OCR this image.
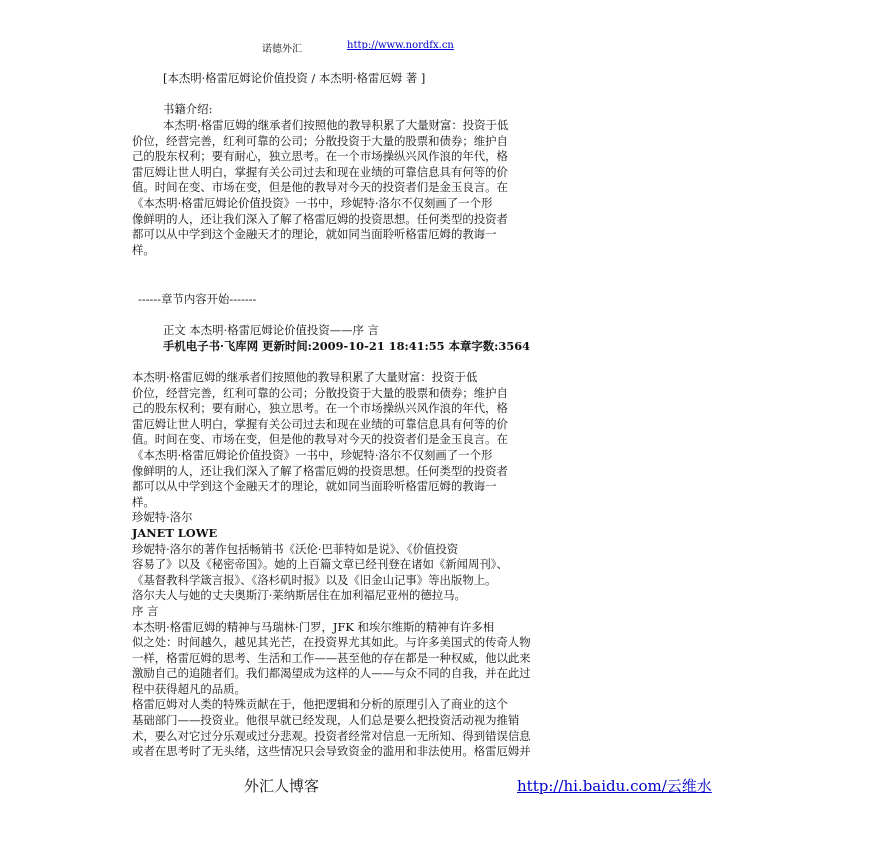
诺德外汇	http://www.nordfx.cn
[本杰明·格雷厄姆论价值投资 / 本杰明·格雷厄姆 著 ]
书籍介绍:
本杰明·格雷厄姆的继承者们按照他的教导积累了大量财富：投资于低
价位，经营完善，红利可靠的公司；分散投资于大量的股票和债券；维护自
己的股东权利；要有耐心，独立思考。在一个市场操纵兴风作浪的年代，格
雷厄姆让世人明白，掌握有关公司过去和现在业绩的可靠信息具有何等的价
值。时间在变、市场在变，但是他的教导对今天的投资者们是金玉良言。在
《本杰明·格雷厄姆论价值投资》一书中，珍妮特·洛尔不仅刻画了一个形
像鲜明的人，还让我们深入了解了格雷厄姆的投资思想。任何类型的投资者
都可以从中学到这个金融天才的理论，就如同当面聆听格雷厄姆的教诲一
样。
------章节内容开始-------
正文 本杰明·格雷厄姆论价值投资——序 言
手机电子书·飞库网 更新时间:2009-10-21 18:41:55 本章字数:3564
本杰明·格雷厄姆的继承者们按照他的教导积累了大量财富：投资于低
价位，经营完善，红利可靠的公司；分散投资于大量的股票和债券；维护自
己的股东权利；要有耐心，独立思考。在一个市场操纵兴风作浪的年代，格
雷厄姆让世人明白，掌握有关公司过去和现在业绩的可靠信息具有何等的价
值。时间在变、市场在变，但是他的教导对今天的投资者们是金玉良言。在
《本杰明·格雷厄姆论价值投资》一书中，珍妮特·洛尔不仅刻画了一个形
像鲜明的人，还让我们深入了解了格雷厄姆的投资思想。任何类型的投资者
都可以从中学到这个金融天才的理论，就如同当面聆听格雷厄姆的教诲一
样。
珍妮特·洛尔
JANET LOWE
珍妮特·洛尔的著作包括畅销书《沃伦·巴菲特如是说》、《价值投资
容易了》以及《秘密帝国》。她的上百篇文章已经刊登在诸如《新闻周刊》、
《基督教科学箴言报》、《洛杉矶时报》以及《旧金山记事》等出版物上。
洛尔夫人与她的丈夫奥斯汀·莱纳斯居住在加利福尼亚州的德拉马。
序 言
本杰明·格雷厄姆的精神与马瑞林·门罗，JFK 和埃尔维斯的精神有许多相
似之处：时间越久，越见其光芒，在投资界尤其如此。与许多美国式的传奇人物
一样，格雷厄姆的思考、生活和工作——甚至他的存在都是一种权威，他以此来
激励自己的追随者们。我们都渴望成为这样的人——与众不同的自我，并在此过
程中获得超凡的品质。
格雷厄姆对人类的特殊贡献在于，他把逻辑和分析的原理引入了商业的这个
基础部门——投资业。他很早就已经发现，人们总是要么把投资活动视为推销
术，要么对它过分乐观或过分悲观。投资者经常对信息一无所知、得到错误信息
或者在思考时了无头绪，这些情况只会导致资金的滥用和非法使用。格雷厄姆并
外汇人博客	http://hi.baidu.com/云维水
